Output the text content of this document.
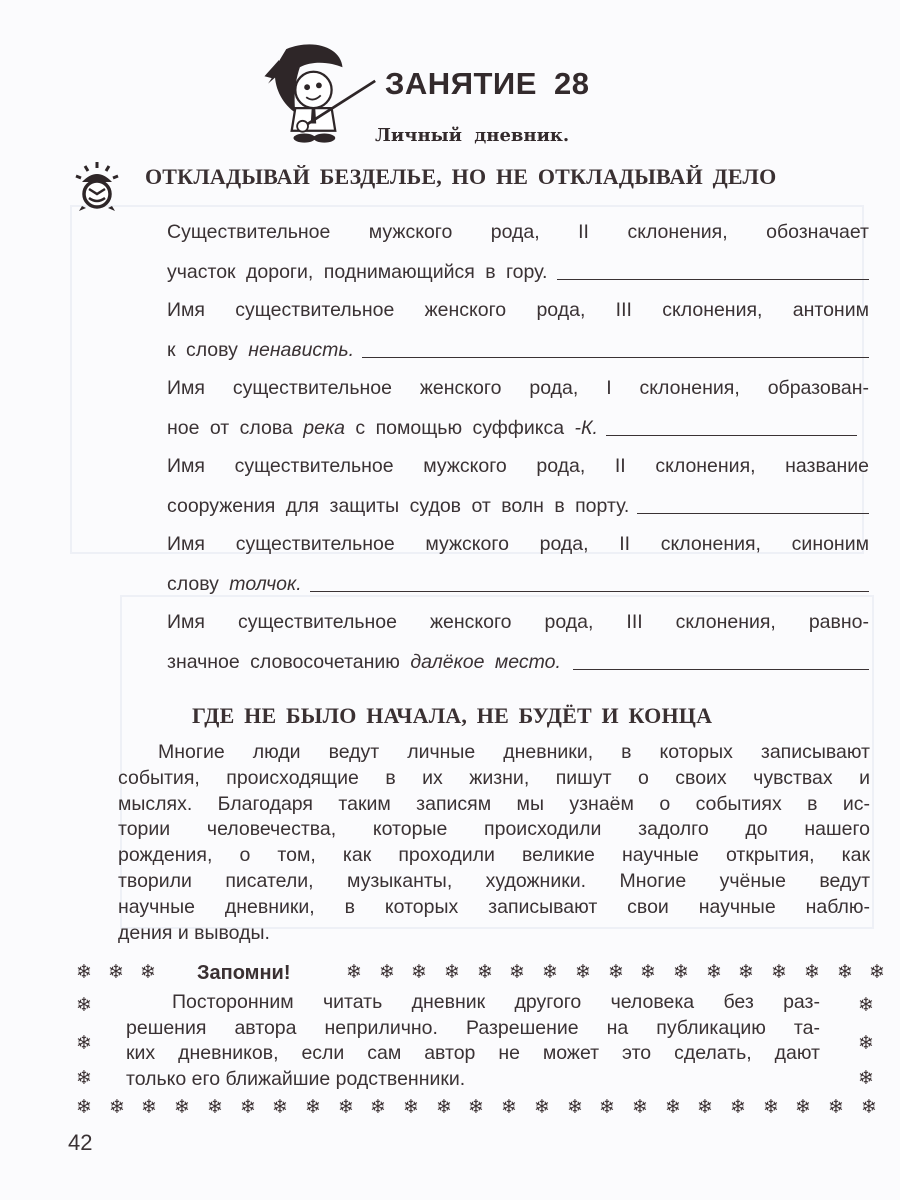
ЗАНЯТИЕ 28
Личный дневник.
ОТКЛАДЫВАЙ БЕЗДЕЛЬЕ, НО НЕ ОТКЛАДЫВАЙ ДЕЛО
Существительное мужского рода, II склонения, обозначает
участок дороги, поднимающийся в гору.
Имя существительное женского рода, III склонения, антоним
к слову ненависть.
Имя существительное женского рода, I склонения, образован-
ное от слова река с помощью суффикса -К.
Имя существительное мужского рода, II склонения, название
сооружения для защиты судов от волн в порту.
Имя существительное мужского рода, II склонения, синоним
слову толчок.
Имя существительное женского рода, III склонения, равно-
значное словосочетанию далёкое место.
ГДЕ НЕ БЫЛО НАЧАЛА, НЕ БУДЁТ И КОНЦА
Многие люди ведут личные дневники, в которых записывают
события, происходящие в их жизни, пишут о своих чувствах и
мыслях. Благодаря таким записям мы узнаём о событиях в ис-
тории человечества, которые происходили задолго до нашего
рождения, о том, как проходили великие научные открытия, как
творили писатели, музыканты, художники. Многие учёные ведут
научные дневники, в которых записывают свои научные наблю-
дения и выводы.
❄ ❄ ❄	❄ ❄ ❄ ❄ ❄ ❄ ❄ ❄ ❄ ❄ ❄ ❄ ❄ ❄ ❄ ❄ ❄
❄ ❄ ❄ ❄ ❄ ❄ ❄ ❄ ❄ ❄ ❄ ❄ ❄ ❄ ❄ ❄ ❄ ❄ ❄ ❄ ❄ ❄ ❄ ❄ ❄
❄
❄
❄
❄
❄
❄
Запомни!
Посторонним читать дневник другого человека без раз-
решения автора неприлично. Разрешение на публикацию та-
ких дневников, если сам автор не может это сделать, дают
только его ближайшие родственники.
42
